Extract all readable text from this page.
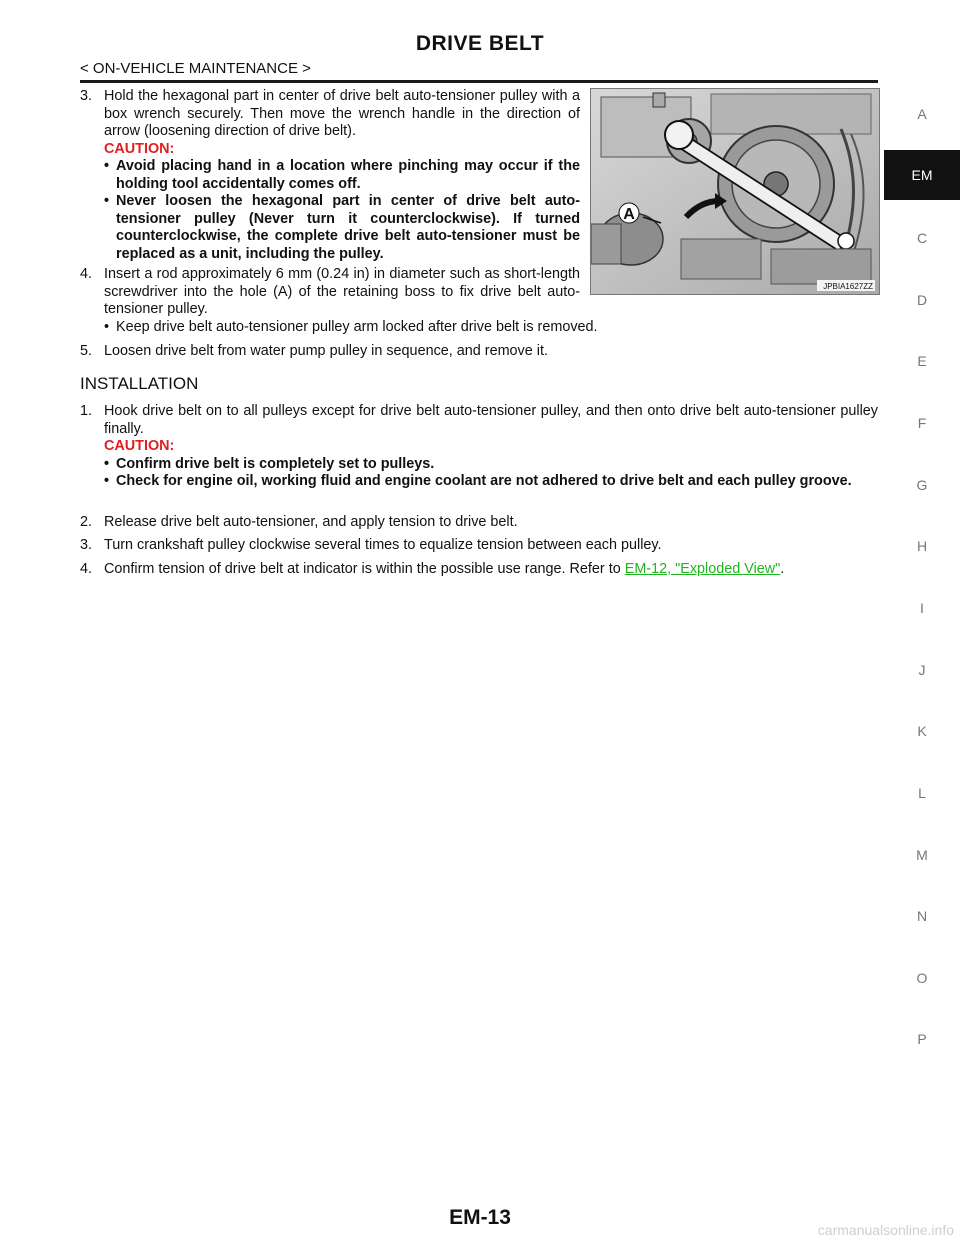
DRIVE BELT
< ON-VEHICLE MAINTENANCE >
A
JPBIA1627ZZ
3. Hold the hexagonal part in center of drive belt auto-tensioner pulley with a box wrench securely. Then move the wrench handle in the direction of arrow (loosening direction of drive belt).
CAUTION:
• Avoid placing hand in a location where pinching may occur if the holding tool accidentally comes off.
• Never loosen the hexagonal part in center of drive belt auto-tensioner pulley (Never turn it counterclockwise). If turned counterclockwise, the complete drive belt auto-tensioner must be replaced as a unit, including the pulley.
4. Insert a rod approximately 6 mm (0.24 in) in diameter such as short-length screwdriver into the hole (A) of the retaining boss to fix drive belt auto-tensioner pulley.
• Keep drive belt auto-tensioner pulley arm locked after drive belt is removed.
5. Loosen drive belt from water pump pulley in sequence, and remove it.
INSTALLATION
1. Hook drive belt on to all pulleys except for drive belt auto-tensioner pulley, and then onto drive belt auto-tensioner pulley finally.
CAUTION:
• Confirm drive belt is completely set to pulleys.
• Check for engine oil, working fluid and engine coolant are not adhered to drive belt and each pulley groove.
2. Release drive belt auto-tensioner, and apply tension to drive belt.
3. Turn crankshaft pulley clockwise several times to equalize tension between each pulley.
4. Confirm tension of drive belt at indicator is within the possible use range. Refer to EM-12, "Exploded View".
A
EM
C
D
E
F
G
H
I
J
K
L
M
N
O
P
EM-13
carmanualsonline.info
